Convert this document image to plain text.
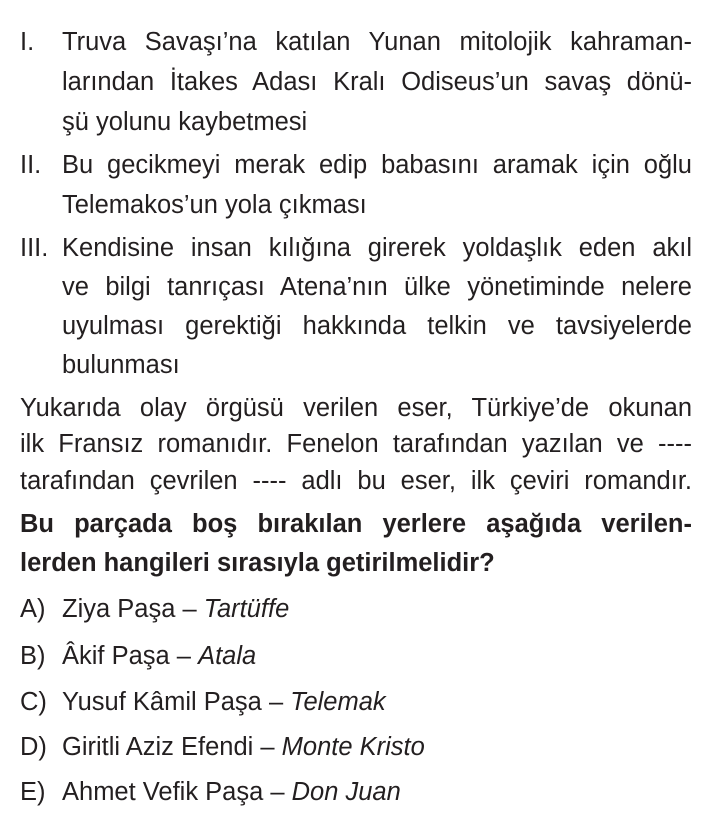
I. Truva Savaşı’na katılan Yunan mitolojik kahraman-
larından İtakes Adası Kralı Odiseus’un savaş dönü-
şü yolunu kaybetmesi
II. Bu gecikmeyi merak edip babasını aramak için oğlu
Telemakos’un yola çıkması
III. Kendisine insan kılığına girerek yoldaşlık eden akıl
ve bilgi tanrıçası Atena’nın ülke yönetiminde nelere
uyulması gerektiği hakkında telkin ve tavsiyelerde
bulunması
Yukarıda olay örgüsü verilen eser, Türkiye’de okunan
ilk Fransız romanıdır. Fenelon tarafından yazılan ve ----
tarafından çevrilen ---- adlı bu eser, ilk çeviri romandır.
Bu parçada boş bırakılan yerlere aşağıda verilen-
lerden hangileri sırasıyla getirilmelidir?
A) Ziya Paşa – Tartüffe
B) Âkif Paşa – Atala
C) Yusuf Kâmil Paşa – Telemak
D) Giritli Aziz Efendi – Monte Kristo
E) Ahmet Vefik Paşa – Don Juan
